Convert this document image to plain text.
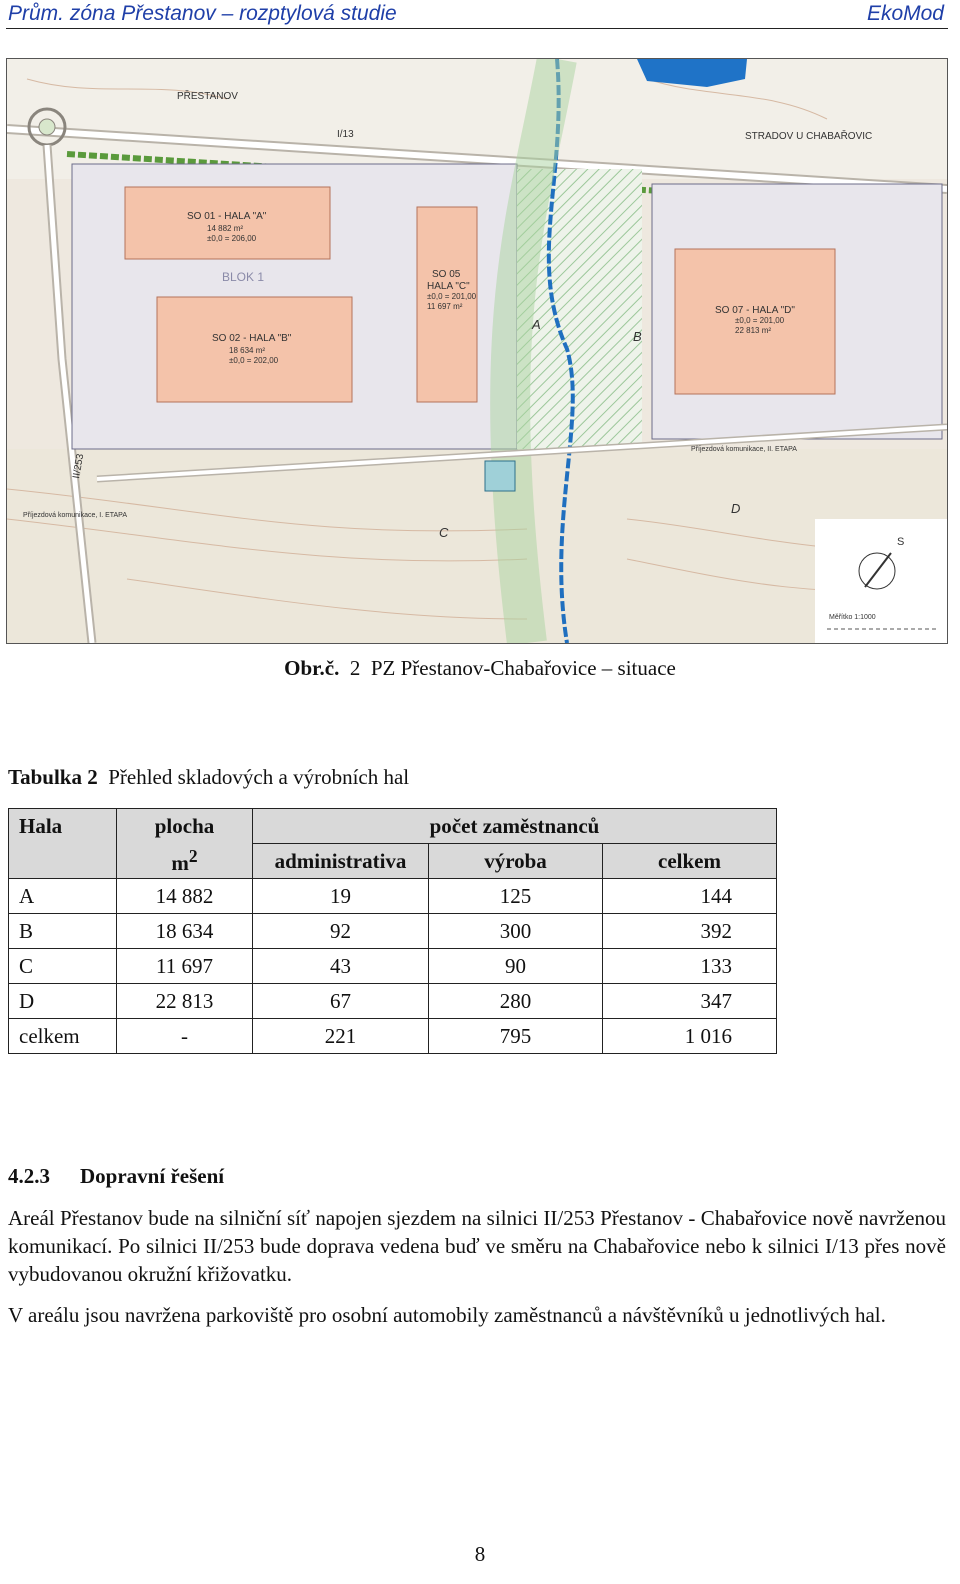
Prům. zóna Přestanov – rozptylová studie	EkoMod
PŘESTANOV
STRADOV U CHABAŘOVIC
I/13
II/253
SO 01 - HALA "A"
14 882 m²
±0,0 = 206,00
SO 02 - HALA "B"
18 634 m²
±0,0 = 202,00
SO 05
HALA "C"
±0,0 = 201,00
11 697 m²	SO 07 - HALA "D"
±0,0 = 201,00
22 813 m²
BLOK 1
A
B
C
D
Příjezdová komunikace, II. ETAPA
Příjezdová komunikace, I. ETAPA
Měřítko 1:1000
S
Obr.č. 2 PZ Přestanov-Chabařovice – situace
Tabulka 2 Přehled skladových a výrobních hal
Hala	plocha	počet zaměstnanců		
	$m^2$	administrativa	výroba	celkem
A	14 882	19	125	144
B	18 634	92	300	392
C	11 697	43	90	133
D	22 813	67	280	347
celkem	-	221	795	1 016
4.2.3 Dopravní řešení
Areál Přestanov bude na silniční síť napojen sjezdem na silnici II/253 Přestanov - Chabařovice nově navrženou komunikací. Po silnici II/253 bude doprava vedena buď ve směru na Chabařovice nebo k silnici I/13 přes nově vybudovanou okružní křižovatku.
V areálu jsou navržena parkoviště pro osobní automobily zaměstnanců a návštěvníků u jednotlivých hal.
8
